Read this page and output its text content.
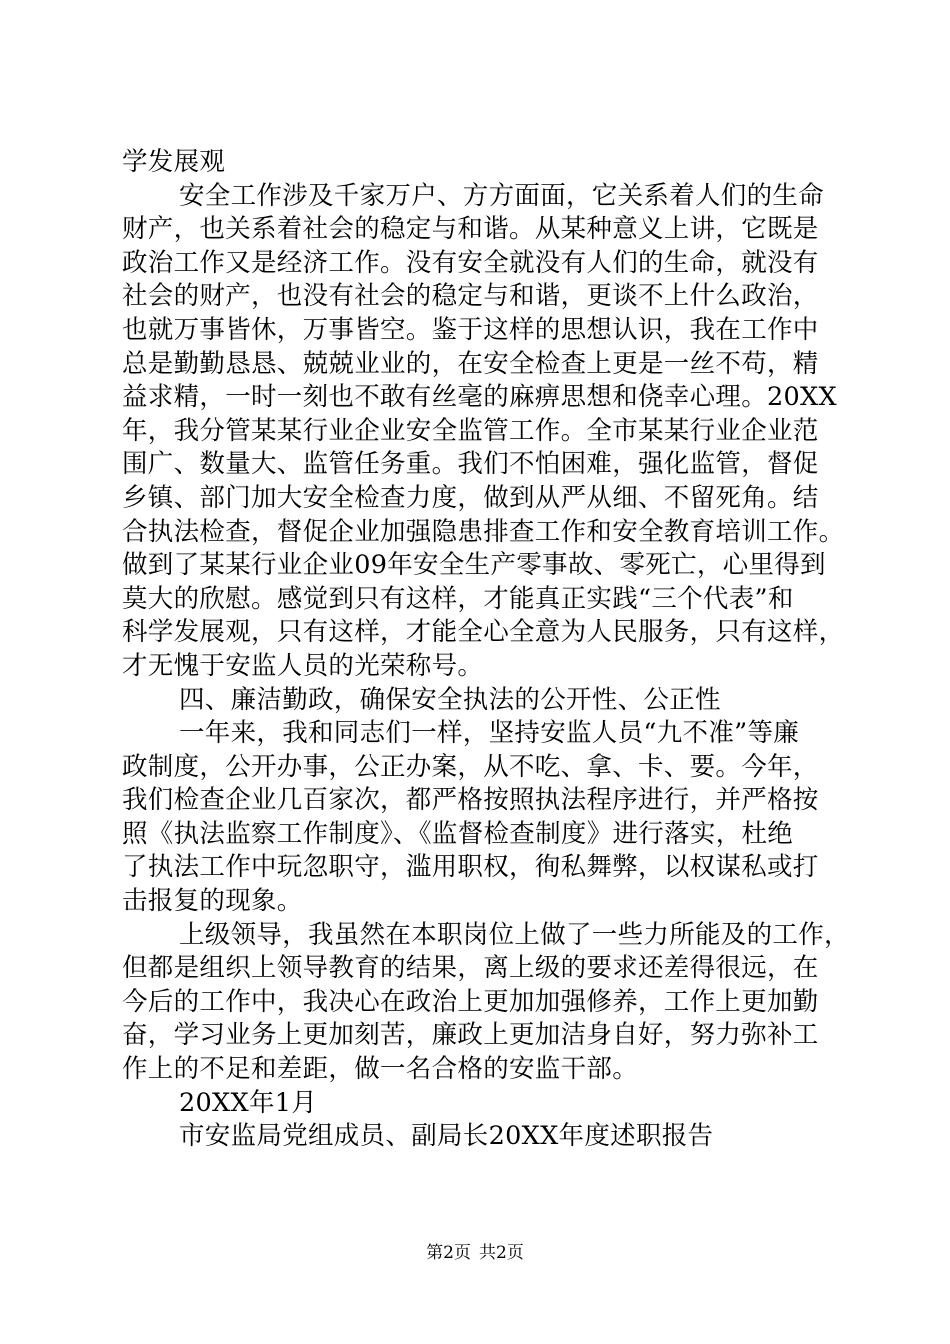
学发展观
安全工作涉及千家万户、方方面面，它关系着人们的生命
财产，也关系着社会的稳定与和谐。从某种意义上讲，它既是
政治工作又是经济工作。没有安全就没有人们的生命，就没有
社会的财产，也没有社会的稳定与和谐，更谈不上什么政治，
也就万事皆休，万事皆空。鉴于这样的思想认识，我在工作中
总是勤勤恳恳、兢兢业业的，在安全检查上更是一丝不苟，精
益求精，一时一刻也不敢有丝毫的麻痹思想和侥幸心理。20XX
年，我分管某某行业企业安全监管工作。全市某某行业企业范
围广、数量大、监管任务重。我们不怕困难，强化监管，督促
乡镇、部门加大安全检查力度，做到从严从细、不留死角。结
合执法检查，督促企业加强隐患排查工作和安全教育培训工作。
做到了某某行业企业09年安全生产零事故、零死亡，心里得到
莫大的欣慰。感觉到只有这样，才能真正实践“三个代表”和
科学发展观，只有这样，才能全心全意为人民服务，只有这样，
才无愧于安监人员的光荣称号。
四、廉洁勤政，确保安全执法的公开性、公正性
一年来，我和同志们一样，坚持安监人员“九不准”等廉
政制度，公开办事，公正办案，从不吃、拿、卡、要。今年，
我们检查企业几百家次，都严格按照执法程序进行，并严格按
照《执法监察工作制度》、《监督检查制度》进行落实，杜绝
了执法工作中玩忽职守，滥用职权，徇私舞弊，以权谋私或打
击报复的现象。
上级领导，我虽然在本职岗位上做了一些力所能及的工作，
但都是组织上领导教育的结果，离上级的要求还差得很远，在
今后的工作中，我决心在政治上更加加强修养，工作上更加勤
奋，学习业务上更加刻苦，廉政上更加洁身自好，努力弥补工
作上的不足和差距，做一名合格的安监干部。
20XX年1月
市安监局党组成员、副局长20XX年度述职报告
第2页 共2页
